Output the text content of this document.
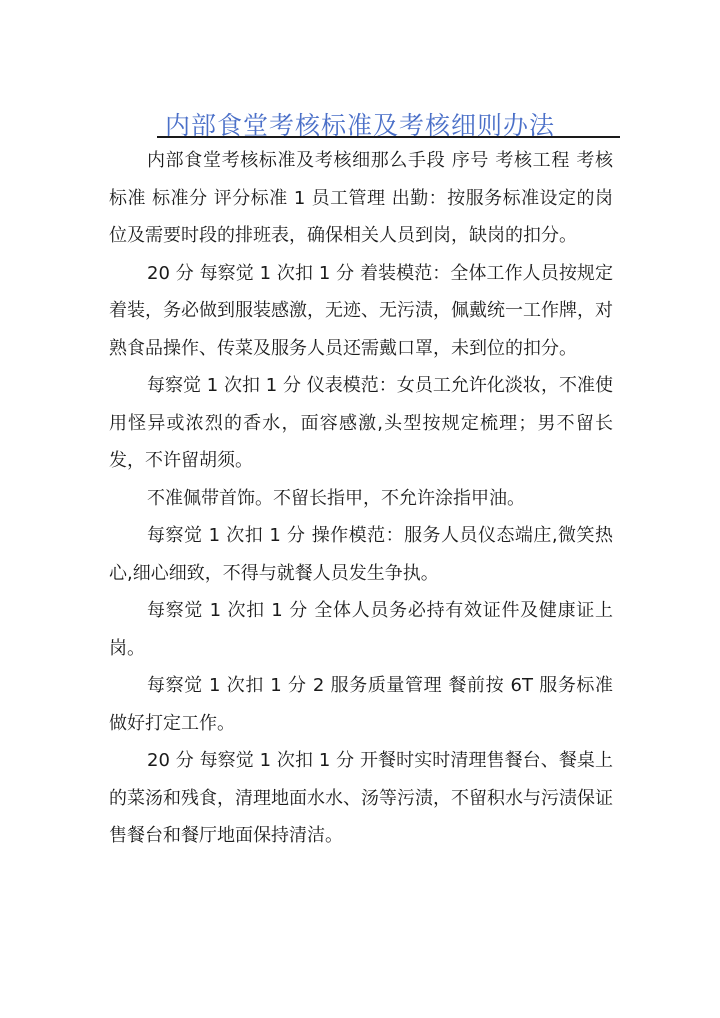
内部食堂考核标准及考核细则办法

内部食堂考核标准及考核细那么手段 序号 考核工程 考核标准 标准分 评分标准 1 员工管理 出勤：按服务标准设定的岗位及需要时段的排班表，确保相关人员到岗，缺岗的扣分。

20 分 每察觉 1 次扣 1 分 着装模范：全体工作人员按规定着装，务必做到服装感激，无迹、无污渍，佩戴统一工作牌，对熟食品操作、传菜及服务人员还需戴口罩，未到位的扣分。

每察觉 1 次扣 1 分 仪表模范：女员工允许化淡妆，不准使用怪异或浓烈的香水，面容感激,头型按规定梳理；男不留长发，不许留胡须。

不准佩带首饰。不留长指甲，不允许涂指甲油。

每察觉 1 次扣 1 分 操作模范：服务人员仪态端庄,微笑热心,细心细致，不得与就餐人员发生争执。

每察觉 1 次扣 1 分 全体人员务必持有效证件及健康证上岗。

每察觉 1 次扣 1 分 2 服务质量管理 餐前按 6T 服务标准做好打定工作。

20 分 每察觉 1 次扣 1 分 开餐时实时清理售餐台、餐桌上的菜汤和残食，清理地面水水、汤等污渍，不留积水与污渍保证售餐台和餐厅地面保持清洁。
